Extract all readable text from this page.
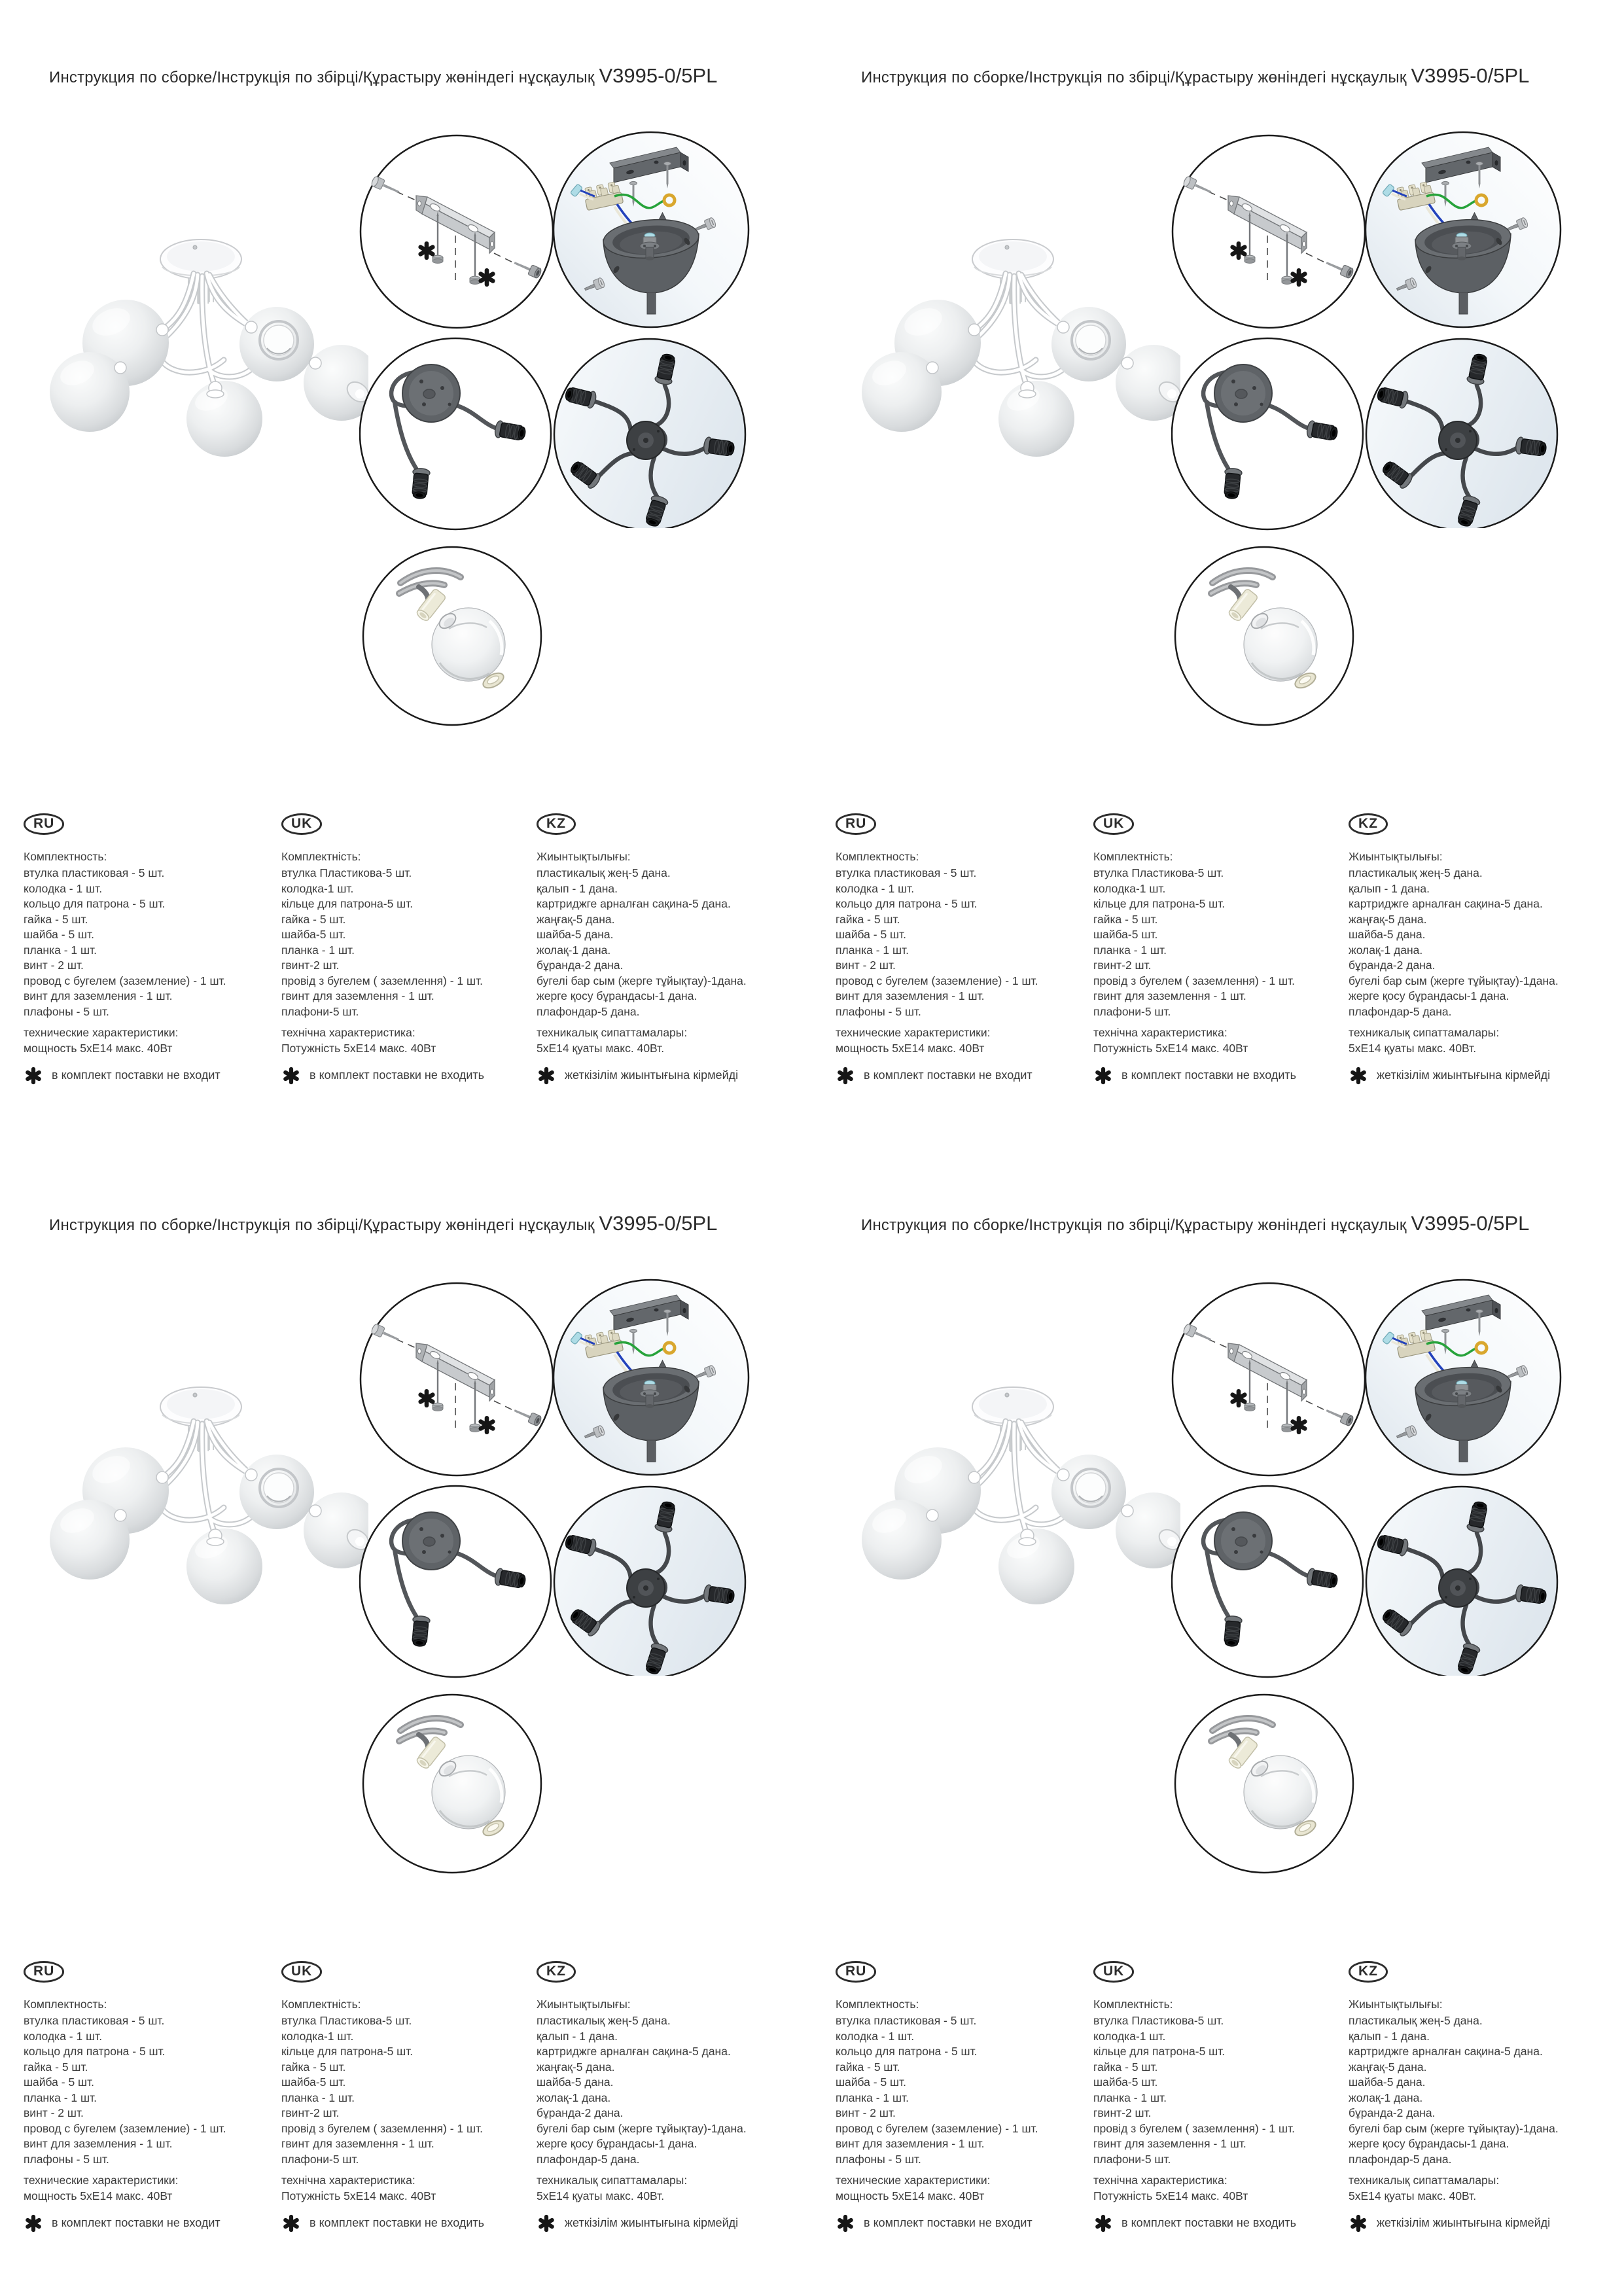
Инструкция по сборке/Інструкція по збірці/Құрастыру жөніндегі нұсқаулық V3995-0/5PL
RU
Комплектность:
втулка пластиковая - 5 шт.
колодка - 1 шт.
кольцо для патрона - 5 шт.
гайка - 5 шт.
шайба - 5 шт.
планка - 1 шт.
винт - 2 шт.
провод с бугелем (заземление) - 1 шт.
винт для заземления - 1 шт.
плафоны - 5 шт.
технические характеристики:
мощность 5хЕ14 макс. 40Вт
в комплект поставки не входит
UK
Комплектність:
втулка Пластикова-5 шт.
колодка-1 шт.
кільце для патрона-5 шт.
гайка - 5 шт.
шайба-5 шт.
планка - 1 шт.
гвинт-2 шт.
провід з бугелем ( заземлення) - 1 шт.
гвинт для заземлення - 1 шт.
плафони-5 шт.
технічна характеристика:
Потужність 5хЕ14 макс. 40Вт
в комплект поставки не входить
KZ
Жиынтықтылығы:
пластикалық жең-5 дана.
қалып - 1 дана.
картриджге арналған сақина-5 дана.
жаңғақ-5 дана.
шайба-5 дана.
жолақ-1 дана.
бұранда-2 дана.
бугелі бар сым (жерге тұйықтау)-1дана.
жерге қосу бұрандасы-1 дана.
плафондар-5 дана.
техникалық сипаттамалары:
5хЕ14 қуаты макс. 40Вт.
жеткізілім жиынтығына кірмейді
Инструкция по сборке/Інструкція по збірці/Құрастыру жөніндегі нұсқаулық V3995-0/5PL
RU
Комплектность:
втулка пластиковая - 5 шт.
колодка - 1 шт.
кольцо для патрона - 5 шт.
гайка - 5 шт.
шайба - 5 шт.
планка - 1 шт.
винт - 2 шт.
провод с бугелем (заземление) - 1 шт.
винт для заземления - 1 шт.
плафоны - 5 шт.
технические характеристики:
мощность 5хЕ14 макс. 40Вт
в комплект поставки не входит
UK
Комплектність:
втулка Пластикова-5 шт.
колодка-1 шт.
кільце для патрона-5 шт.
гайка - 5 шт.
шайба-5 шт.
планка - 1 шт.
гвинт-2 шт.
провід з бугелем ( заземлення) - 1 шт.
гвинт для заземлення - 1 шт.
плафони-5 шт.
технічна характеристика:
Потужність 5хЕ14 макс. 40Вт
в комплект поставки не входить
KZ
Жиынтықтылығы:
пластикалық жең-5 дана.
қалып - 1 дана.
картриджге арналған сақина-5 дана.
жаңғақ-5 дана.
шайба-5 дана.
жолақ-1 дана.
бұранда-2 дана.
бугелі бар сым (жерге тұйықтау)-1дана.
жерге қосу бұрандасы-1 дана.
плафондар-5 дана.
техникалық сипаттамалары:
5хЕ14 қуаты макс. 40Вт.
жеткізілім жиынтығына кірмейді
Инструкция по сборке/Інструкція по збірці/Құрастыру жөніндегі нұсқаулық V3995-0/5PL
RU
Комплектность:
втулка пластиковая - 5 шт.
колодка - 1 шт.
кольцо для патрона - 5 шт.
гайка - 5 шт.
шайба - 5 шт.
планка - 1 шт.
винт - 2 шт.
провод с бугелем (заземление) - 1 шт.
винт для заземления - 1 шт.
плафоны - 5 шт.
технические характеристики:
мощность 5хЕ14 макс. 40Вт
в комплект поставки не входит
UK
Комплектність:
втулка Пластикова-5 шт.
колодка-1 шт.
кільце для патрона-5 шт.
гайка - 5 шт.
шайба-5 шт.
планка - 1 шт.
гвинт-2 шт.
провід з бугелем ( заземлення) - 1 шт.
гвинт для заземлення - 1 шт.
плафони-5 шт.
технічна характеристика:
Потужність 5хЕ14 макс. 40Вт
в комплект поставки не входить
KZ
Жиынтықтылығы:
пластикалық жең-5 дана.
қалып - 1 дана.
картриджге арналған сақина-5 дана.
жаңғақ-5 дана.
шайба-5 дана.
жолақ-1 дана.
бұранда-2 дана.
бугелі бар сым (жерге тұйықтау)-1дана.
жерге қосу бұрандасы-1 дана.
плафондар-5 дана.
техникалық сипаттамалары:
5хЕ14 қуаты макс. 40Вт.
жеткізілім жиынтығына кірмейді
Инструкция по сборке/Інструкція по збірці/Құрастыру жөніндегі нұсқаулық V3995-0/5PL
RU
Комплектность:
втулка пластиковая - 5 шт.
колодка - 1 шт.
кольцо для патрона - 5 шт.
гайка - 5 шт.
шайба - 5 шт.
планка - 1 шт.
винт - 2 шт.
провод с бугелем (заземление) - 1 шт.
винт для заземления - 1 шт.
плафоны - 5 шт.
технические характеристики:
мощность 5хЕ14 макс. 40Вт
в комплект поставки не входит
UK
Комплектність:
втулка Пластикова-5 шт.
колодка-1 шт.
кільце для патрона-5 шт.
гайка - 5 шт.
шайба-5 шт.
планка - 1 шт.
гвинт-2 шт.
провід з бугелем ( заземлення) - 1 шт.
гвинт для заземлення - 1 шт.
плафони-5 шт.
технічна характеристика:
Потужність 5хЕ14 макс. 40Вт
в комплект поставки не входить
KZ
Жиынтықтылығы:
пластикалық жең-5 дана.
қалып - 1 дана.
картриджге арналған сақина-5 дана.
жаңғақ-5 дана.
шайба-5 дана.
жолақ-1 дана.
бұранда-2 дана.
бугелі бар сым (жерге тұйықтау)-1дана.
жерге қосу бұрандасы-1 дана.
плафондар-5 дана.
техникалық сипаттамалары:
5хЕ14 қуаты макс. 40Вт.
жеткізілім жиынтығына кірмейді
